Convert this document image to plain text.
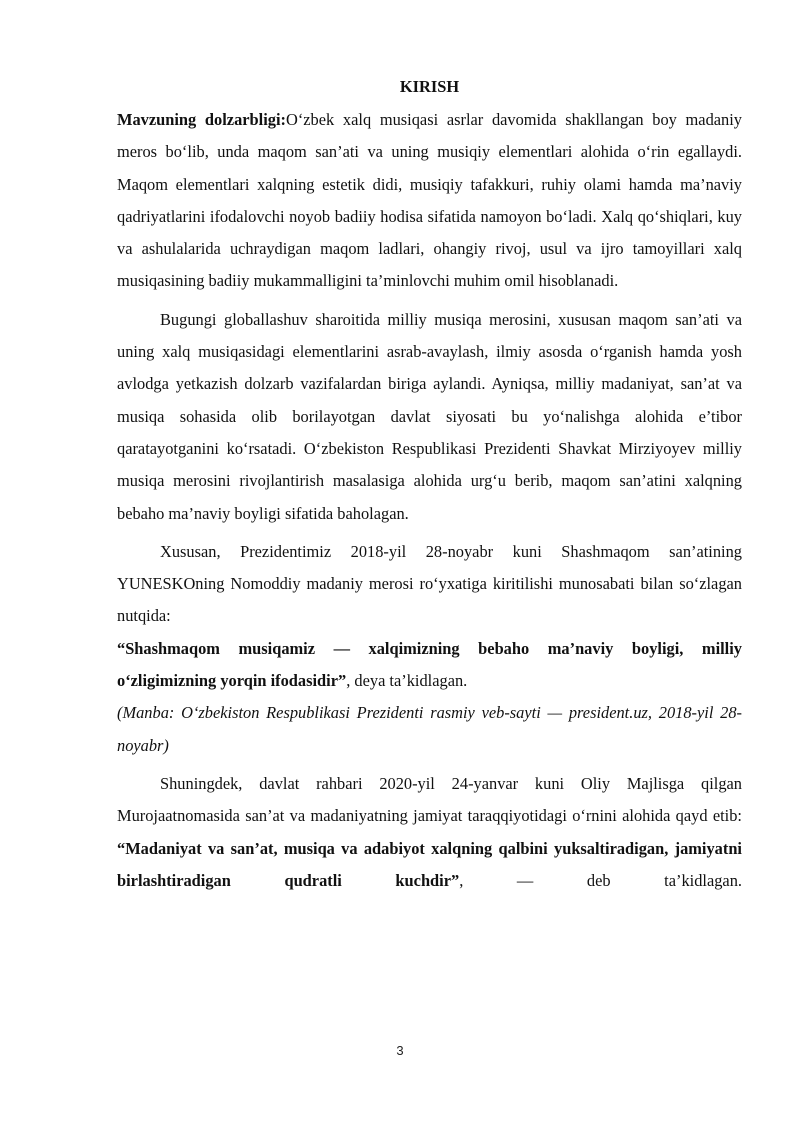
KIRISH

Mavzuning dolzarbligi:O‘zbek xalq musiqasi asrlar davomida shakllangan boy madaniy meros bo‘lib, unda maqom san’ati va uning musiqiy elementlari alohida o‘rin egallaydi. Maqom elementlari xalqning estetik didi, musiqiy tafakkuri, ruhiy olami hamda ma’naviy qadriyatlarini ifodalovchi noyob badiiy hodisa sifatida namoyon bo‘ladi. Xalq qo‘shiqlari, kuy va ashulalarida uchraydigan maqom ladlari, ohangiy rivoj, usul va ijro tamoyillari xalq musiqasining badiiy mukammalligini ta’minlovchi muhim omil hisoblanadi.

Bugungi globallashuv sharoitida milliy musiqa merosini, xususan maqom san’ati va uning xalq musiqasidagi elementlarini asrab-avaylash, ilmiy asosda o‘rganish hamda yosh avlodga yetkazish dolzarb vazifalardan biriga aylandi. Ayniqsa, milliy madaniyat, san’at va musiqa sohasida olib borilayotgan davlat siyosati bu yo‘nalishga alohida e’tibor qaratayotganini ko‘rsatadi. O‘zbekiston Respublikasi Prezidenti Shavkat Mirziyoyev milliy musiqa merosini rivojlantirish masalasiga alohida urg‘u berib, maqom san’atini xalqning bebaho ma’naviy boyligi sifatida baholagan.

Xususan, Prezidentimiz 2018-yil 28-noyabr kuni Shashmaqom san’atining YUNESKOning Nomoddiy madaniy merosi ro‘yxatiga kiritilishi munosabati bilan so‘zlagan nutqida:

“Shashmaqom musiqamiz — xalqimizning bebaho ma’naviy boyligi, milliy o‘zligimizning yorqin ifodasidir”, deya ta’kidlagan.

(Manba: O‘zbekiston Respublikasi Prezidenti rasmiy veb-sayti — president.uz, 2018-yil 28-noyabr)

Shuningdek, davlat rahbari 2020-yil 24-yanvar kuni Oliy Majlisga qilgan Murojaatnomasida san’at va madaniyatning jamiyat taraqqiyotidagi o‘rnini alohida qayd etib:

“Madaniyat va san’at, musiqa va adabiyot xalqning qalbini yuksaltiradigan, jamiyatni birlashtiradigan qudratli kuchdir”, — deb ta’kidlagan.

3
